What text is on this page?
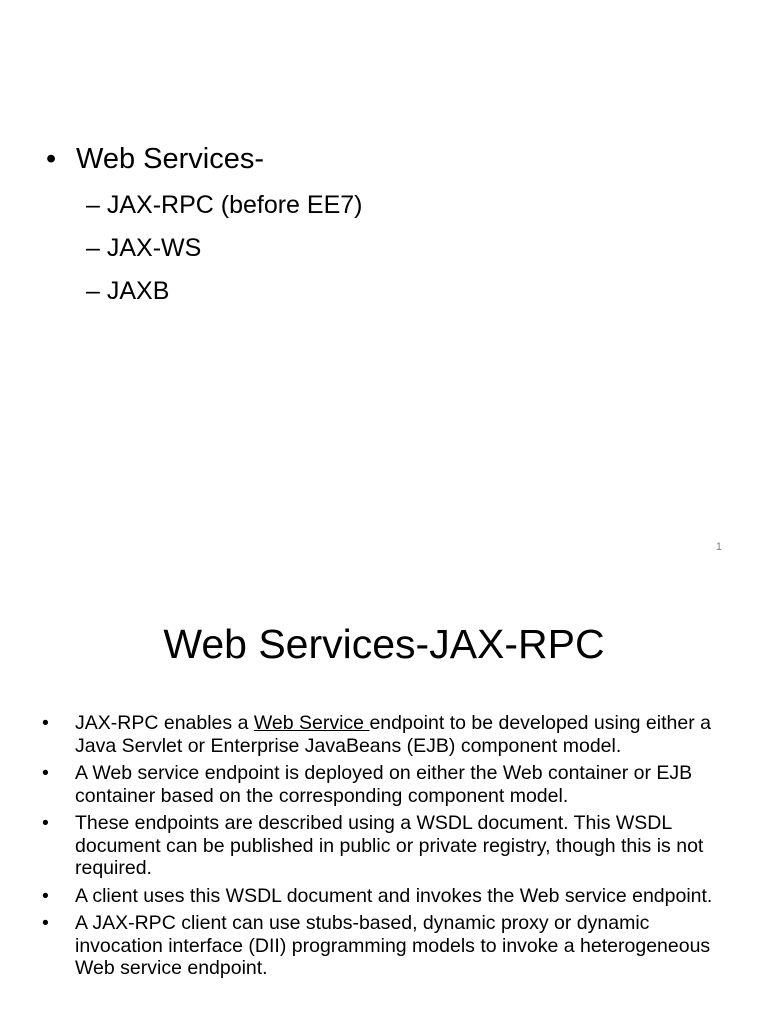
• Web Services-
– JAX-RPC (before EE7)
– JAX-WS
– JAXB
1
Web Services-JAX-RPC
• JAX-RPC enables a Web Service endpoint to be developed using either a Java Servlet or Enterprise JavaBeans (EJB) component model.
• A Web service endpoint is deployed on either the Web container or EJB container based on the corresponding component model.
• These endpoints are described using a WSDL document. This WSDL document can be published in public or private registry, though this is not required.
• A client uses this WSDL document and invokes the Web service endpoint.
• A JAX-RPC client can use stubs-based, dynamic proxy or dynamic invocation interface (DII) programming models to invoke a heterogeneous Web service endpoint.
